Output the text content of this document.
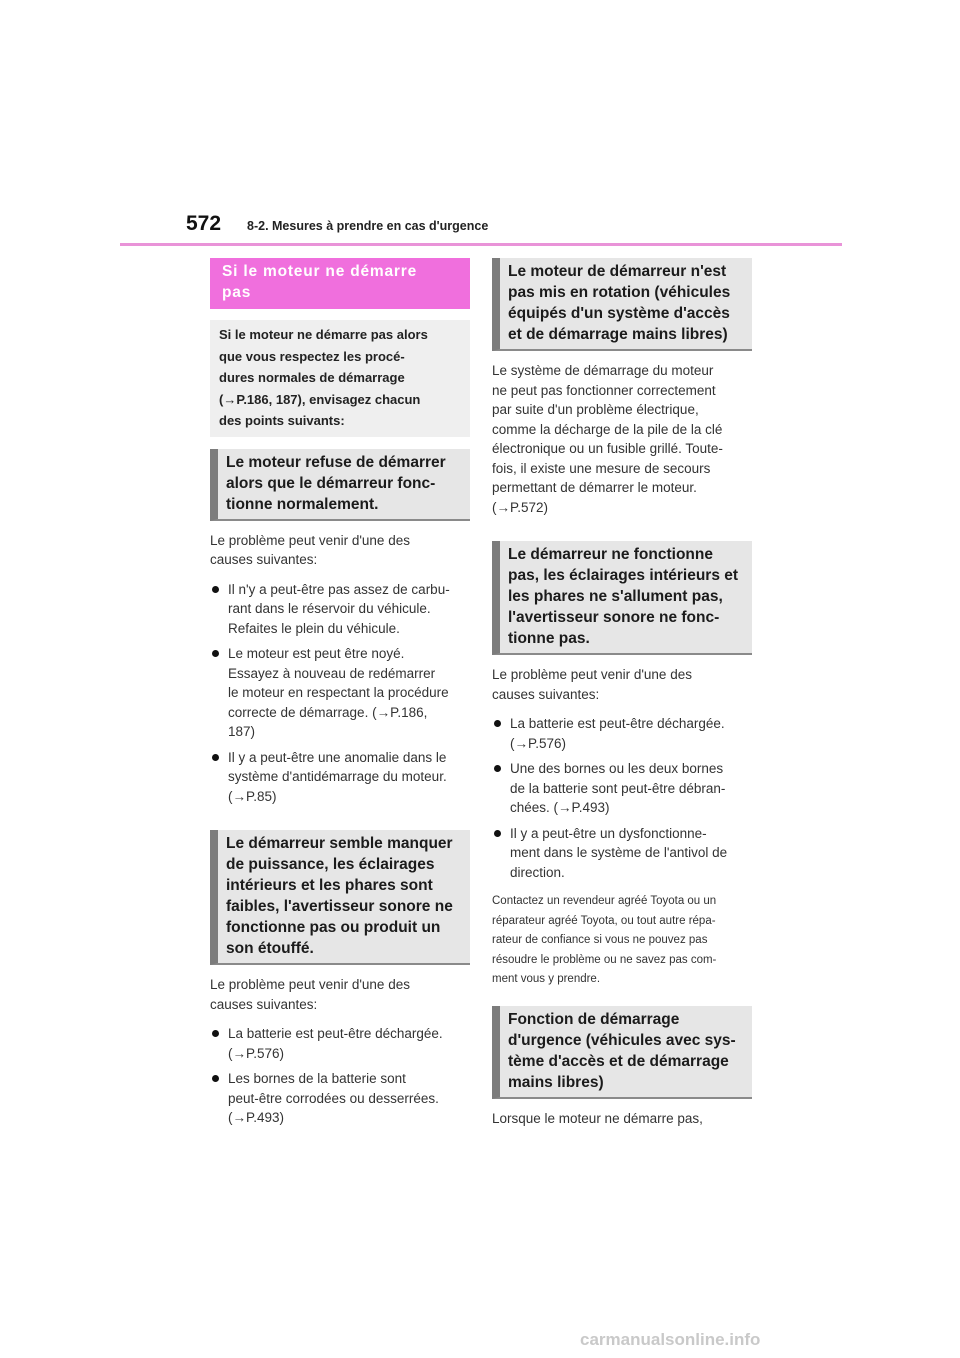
572 8-2. Mesures à prendre en cas d'urgence
Si le moteur ne démarre
pas
Si le moteur ne démarre pas alors
que vous respectez les procé-
dures normales de démarrage
(→P.186, 187), envisagez chacun
des points suivants:
Le moteur refuse de démarrer
alors que le démarreur fonc-
tionne normalement.
Le problème peut venir d'une des
causes suivantes:
Il n'y a peut-être pas assez de carbu-
rant dans le réservoir du véhicule.
Refaites le plein du véhicule.
Le moteur est peut être noyé.
Essayez à nouveau de redémarrer
le moteur en respectant la procédure
correcte de démarrage. (→P.186,
187)
Il y a peut-être une anomalie dans le
système d'antidémarrage du moteur.
(→P.85)
Le démarreur semble manquer
de puissance, les éclairages
intérieurs et les phares sont
faibles, l'avertisseur sonore ne
fonctionne pas ou produit un
son étouffé.
Le problème peut venir d'une des
causes suivantes:
La batterie est peut-être déchargée.
(→P.576)
Les bornes de la batterie sont
peut-être corrodées ou desserrées.
(→P.493)
Le moteur de démarreur n'est
pas mis en rotation (véhicules
équipés d'un système d'accès
et de démarrage mains libres)
Le système de démarrage du moteur
ne peut pas fonctionner correctement
par suite d'un problème électrique,
comme la décharge de la pile de la clé
électronique ou un fusible grillé. Toute-
fois, il existe une mesure de secours
permettant de démarrer le moteur.
(→P.572)
Le démarreur ne fonctionne
pas, les éclairages intérieurs et
les phares ne s'allument pas,
l'avertisseur sonore ne fonc-
tionne pas.
Le problème peut venir d'une des
causes suivantes:
La batterie est peut-être déchargée.
(→P.576)
Une des bornes ou les deux bornes
de la batterie sont peut-être débran-
chées. (→P.493)
Il y a peut-être un dysfonctionne-
ment dans le système de l'antivol de
direction.
Contactez un revendeur agréé Toyota ou un
réparateur agréé Toyota, ou tout autre répa-
rateur de confiance si vous ne pouvez pas
résoudre le problème ou ne savez pas com-
ment vous y prendre.
Fonction de démarrage
d'urgence (véhicules avec sys-
tème d'accès et de démarrage
mains libres)
Lorsque le moteur ne démarre pas,
carmanualsonline.info
